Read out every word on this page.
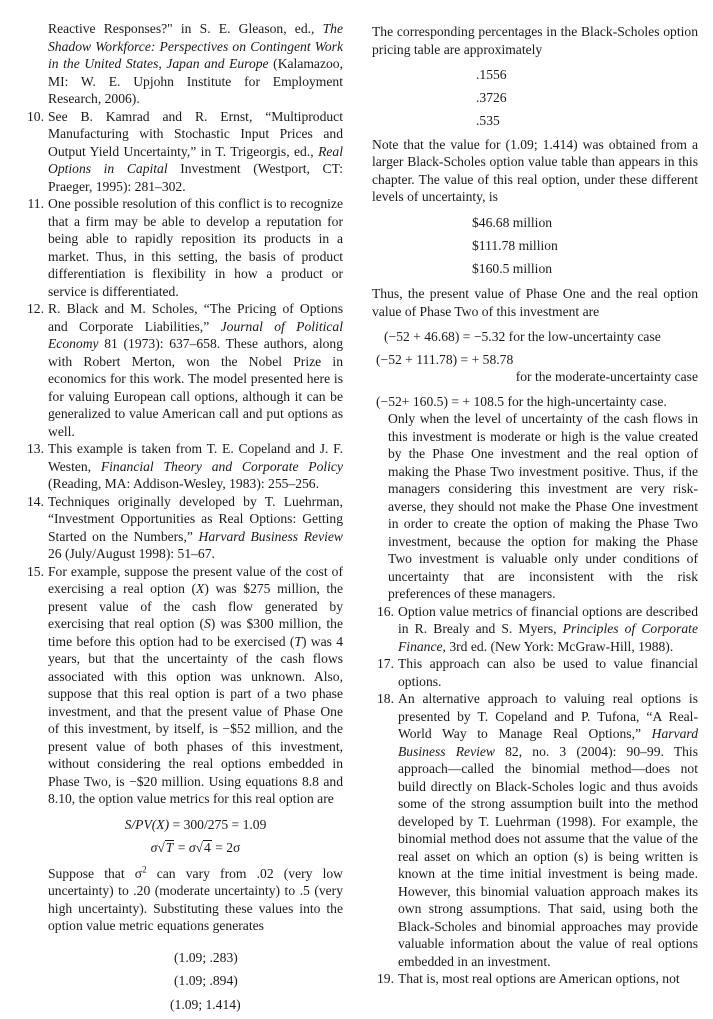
Reactive Responses?" in S. E. Gleason, ed., The Shadow Workforce: Perspectives on Contingent Work in the United States, Japan and Europe (Kalamazoo, MI: W. E. Upjohn Institute for Employment Research, 2006).

10. See B. Kamrad and R. Ernst, “Multiproduct Manufacturing with Stochastic Input Prices and Output Yield Uncertainty,” in T. Trigeorgis, ed., Real Options in Capital Investment (Westport, CT: Praeger, 1995): 281–302.

11. One possible resolution of this conflict is to recognize that a firm may be able to develop a reputation for being able to rapidly reposition its products in a market. Thus, in this setting, the basis of product differentiation is flexibility in how a product or service is differentiated.

12. R. Black and M. Scholes, “The Pricing of Options and Corporate Liabilities,” Journal of Political Economy 81 (1973): 637–658. These authors, along with Robert Merton, won the Nobel Prize in economics for this work. The model presented here is for valuing European call options, although it can be generalized to value American call and put options as well.

13. This example is taken from T. E. Copeland and J. F. Westen, Financial Theory and Corporate Policy (Reading, MA: Addison-Wesley, 1983): 255–256.

14. Techniques originally developed by T. Luehrman, “Investment Opportunities as Real Options: Getting Started on the Numbers,” Harvard Business Review 26 (July/August 1998): 51–67.

15. For example, suppose the present value of the cost of exercising a real option (X) was $275 million, the present value of the cash flow generated by exercising that real option (S) was $300 million, the time before this option had to be exercised (T) was 4 years, but that the uncertainty of the cash flows associated with this option was unknown. Also, suppose that this real option is part of a two phase investment, and that the present value of Phase One of this investment, by itself, is −$52 million, and the present value of both phases of this investment, without considering the real options embedded in Phase Two, is −$20 million. Using equations 8.8 and 8.10, the option value metrics for this real option are

S/PV(X) = 300/275 = 1.09

σ√T = σ√4 = 2σ

Suppose that $\sigma^2$ can vary from .02 (very low uncertainty) to .20 (moderate uncertainty) to .5 (very high uncertainty). Substituting these values into the option value metric equations generates

(1.09; .283)

(1.09; .894)

(1.09; 1.414)

The corresponding percentages in the Black-Scholes option pricing table are approximately

.1556

.3726

.535

Note that the value for (1.09; 1.414) was obtained from a larger Black-Scholes option value table than appears in this chapter. The value of this real option, under these different levels of uncertainty, is

$46.68 million

$111.78 million

$160.5 million

Thus, the present value of Phase One and the real option value of Phase Two of this investment are

(−52 + 46.68) = −5.32 for the low-uncertainty case

(−52 + 111.78) = + 58.78

for the moderate-uncertainty case

(−52+ 160.5) = + 108.5 for the high-uncertainty case.

Only when the level of uncertainty of the cash flows in this investment is moderate or high is the value created by the Phase One investment and the real option of making the Phase Two investment positive. Thus, if the managers considering this investment are very risk-averse, they should not make the Phase One investment in order to create the option of making the Phase Two investment, because the option for making the Phase Two investment is valuable only under conditions of uncertainty that are inconsistent with the risk preferences of these managers.

16. Option value metrics of financial options are described in R. Brealy and S. Myers, Principles of Corporate Finance, 3rd ed. (New York: McGraw-Hill, 1988).

17. This approach can also be used to value financial options.

18. An alternative approach to valuing real options is presented by T. Copeland and P. Tufona, “A Real-World Way to Manage Real Options,” Harvard Business Review 82, no. 3 (2004): 90–99. This approach—called the binomial method—does not build directly on Black-Scholes logic and thus avoids some of the strong assumption built into the method developed by T. Luehrman (1998). For example, the binomial method does not assume that the value of the real asset on which an option (s) is being written is known at the time initial investment is being made. However, this binomial valuation approach makes its own strong assumptions. That said, using both the Black-Scholes and binomial approaches may provide valuable information about the value of real options embedded in an investment.

19. That is, most real options are American options, not
